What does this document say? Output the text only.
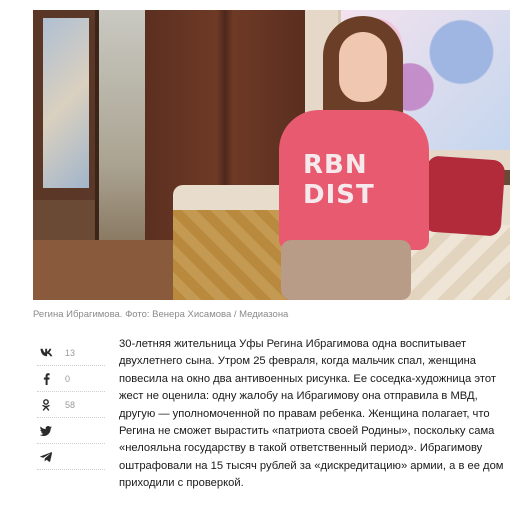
RBN DIST
Регина Ибрагимова. Фото: Венера Хисамова / Медиазона
13
0
58

30-летняя жительница Уфы Регина Ибрагимова одна воспитывает
двухлетнего сына. Утром 25 февраля, когда мальчик спал, женщина
повесила на окно два антивоенных рисунка. Ее соседка-художница этот
жест не оценила: одну жалобу на Ибрагимову она отправила в МВД,
другую — уполномоченной по правам ребенка. Женщина полагает, что
Регина не сможет вырастить «патриота своей Родины», поскольку сама
«нелояльна государству в такой ответственный период». Ибрагимову
оштрафовали на 15 тысяч рублей за «дискредитацию» армии, а в ее дом
приходили с проверкой.
